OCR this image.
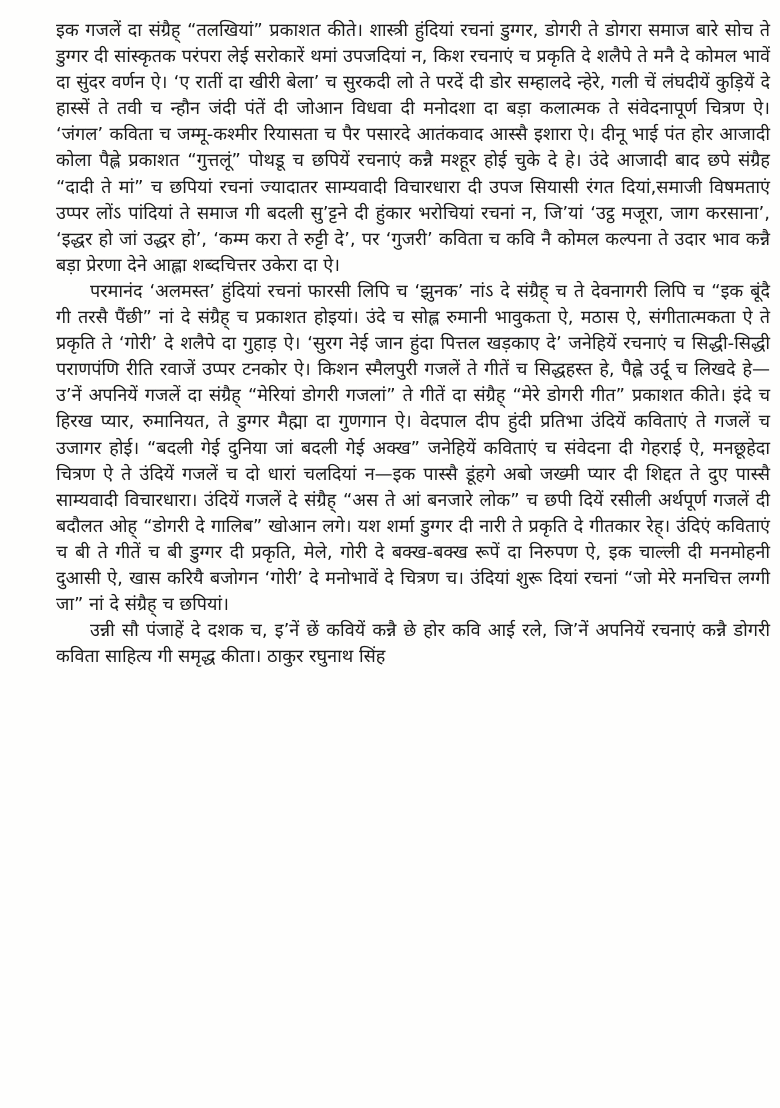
इक गजलें दा संग्रैह् “तलखियां” प्रकाशत कीते। शास्त्री हुंदियां रचनां डुग्गर, डोगरी ते डोगरा समाज बारे सोच ते डुग्गर दी सांस्कृतक परंपरा लेई सरोकारें थमां उपजदियां न, किश रचनाएं च प्रकृति दे शलैपे ते मनै दे कोमल भावें दा सुंदर वर्णन ऐ। ‘ए रातीं दा खीरी बेला’ च सुरकदी लो ते परदें दी डोर सम्हालदे न्हेरे, गली चें लंघदीयें कुड़ियें दे हास्सें ते तवी च न्हौन जंदी पंतें दी जोआन विधवा दी मनोदशा दा बड़ा कलात्मक ते संवेदनापूर्ण चित्रण ऐ। ‘जंगल’ कविता च जम्मू-कश्मीर रियासता च पैर पसारदे आतंकवाद आस्सै इशारा ऐ। दीनू भाई पंत होर आजादी कोला पैह्ले प्रकाशत “गुत्तलूं” पोथडू च छपियें रचनाएं कन्नै मश्हूर होई चुके दे हे। उंदे आजादी बाद छपे संग्रैह “दादी ते मां” च छपियां रचनां ज्यादातर साम्यवादी विचारधारा दी उपज सियासी रंगत दियां,समाजी विषमताएं उप्पर लोंऽ पांदियां ते समाज गी बदली सु’ट्टने दी हुंकार भरोचियां रचनां न, जि’यां ‘उट्ठ मजूरा, जाग करसाना’, ‘इद्धर हो जां उद्धर हो’, ‘कम्म करा ते रुट्टी दे’, पर ‘गुजरी’ कविता च कवि नै कोमल कल्पना ते उदार भाव कन्नै बड़ा प्रेरणा देने आह्ला शब्दचित्तर उकेरा दा ऐ।

परमानंद ‘अलमस्त’ हुंदियां रचनां फारसी लिपि च ‘झुनक’ नांऽ दे संग्रैह् च ते देवनागरी लिपि च “इक बूंदै गी तरसै पैंछी” नां दे संग्रैह् च प्रकाशत होइयां। उंदे च सोह्ल रुमानी भावुकता ऐ, मठास ऐ, संगीतात्मकता ऐ ते प्रकृति ते ‘गोरी’ दे शलैपे दा गुहाड़ ऐ। ‘सुरग नेई जान हुंदा पित्तल खड़काए दे’ जनेहियें रचनाएं च सिद्धी-सिद्धी पराणपंणि रीति रवाजें उप्पर टनकोर ऐ। किशन स्मैलपुरी गजलें ते गीतें च सिद्धहस्त हे, पैह्ले उर्दू च लिखदे हे—उ’नें अपनियें गजलें दा संग्रैह् “मेरियां डोगरी गजलां” ते गीतें दा संग्रैह् “मेरे डोगरी गीत” प्रकाशत कीते। इंदे च हिरख प्यार, रुमानियत, ते डुग्गर मैह्मा दा गुणगान ऐ। वेदपाल दीप हुंदी प्रतिभा उंदियें कविताएं ते गजलें च उजागर होई। “बदली गेई दुनिया जां बदली गेई अक्ख” जनेहियें कविताएं च संवेदना दी गेहराई ऐ, मनछूहेदा चित्रण ऐ ते उंदियें गजलें च दो धारां चलदियां न—इक पास्सै डूंहगे अबो जख्मी प्यार दी शिद्दत ते दुए पास्सै साम्यवादी विचारधारा। उंदियें गजलें दे संग्रैह् “अस ते आं बनजारे लोक” च छपी दियें रसीली अर्थपूर्ण गजलें दी बदौलत ओह् “डोगरी दे गालिब” खोआन लगे। यश शर्मा डुग्गर दी नारी ते प्रकृति दे गीतकार रेह्। उंदिएं कविताएं च बी ते गीतें च बी डुग्गर दी प्रकृति, मेले, गोरी दे बक्ख-बक्ख रूपें दा निरुपण ऐ, इक चाल्ली दी मनमोहनी दुआसी ऐ, खास करियै बजोगन ‘गोरी’ दे मनोभावें दे चित्रण च। उंदियां शुरू दियां रचनां “जो मेरे मनचित्त लग्गी जा” नां दे संग्रैह् च छपियां।

उन्नी सौ पंजाहें दे दशक च, इ’नें छें कवियें कन्नै छे होर कवि आई रले, जि’नें अपनियें रचनाएं कन्नै डोगरी कविता साहित्य गी समृद्ध कीता। ठाकुर रघुनाथ सिंह
